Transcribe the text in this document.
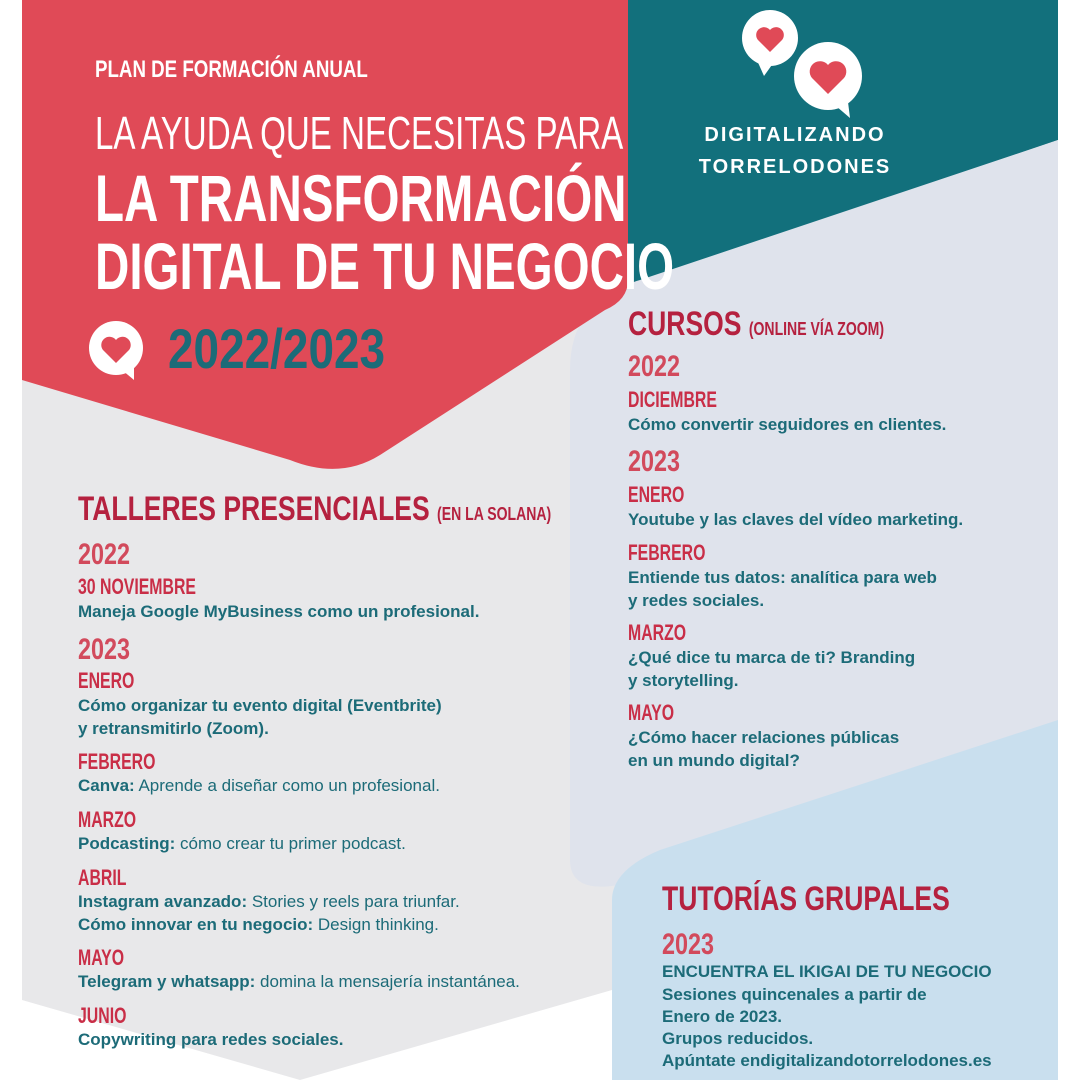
DIGITALIZANDO
TORRELODONES
PLAN DE FORMACIÓN ANUAL
LA AYUDA QUE NECESITAS PARA
LA TRANSFORMACIÓN
DIGITAL DE TU NEGOCIO
2022/2023
TALLERES PRESENCIALES (EN LA SOLANA)
2022
30 NOVIEMBRE
Maneja Google MyBusiness como un profesional.
2023
ENERO
Cómo organizar tu evento digital (Eventbrite)
y retransmitirlo (Zoom).
FEBRERO
Canva: Aprende a diseñar como un profesional.
MARZO
Podcasting: cómo crear tu primer podcast.
ABRIL
Instagram avanzado: Stories y reels para triunfar.
Cómo innovar en tu negocio: Design thinking.
MAYO
Telegram y whatsapp: domina la mensajería instantánea.
JUNIO
Copywriting para redes sociales.
CURSOS (ONLINE VÍA ZOOM)
2022
DICIEMBRE
Cómo convertir seguidores en clientes.
2023
ENERO
Youtube y las claves del vídeo marketing.
FEBRERO
Entiende tus datos: analítica para web
y redes sociales.
MARZO
¿Qué dice tu marca de ti? Branding
y storytelling.
MAYO
¿Cómo hacer relaciones públicas
en un mundo digital?
TUTORÍAS GRUPALES
2023
ENCUENTRA EL IKIGAI DE TU NEGOCIO
Sesiones quincenales a partir de
Enero de 2023.
Grupos reducidos.
Apúntate endigitalizandotorrelodones.es
